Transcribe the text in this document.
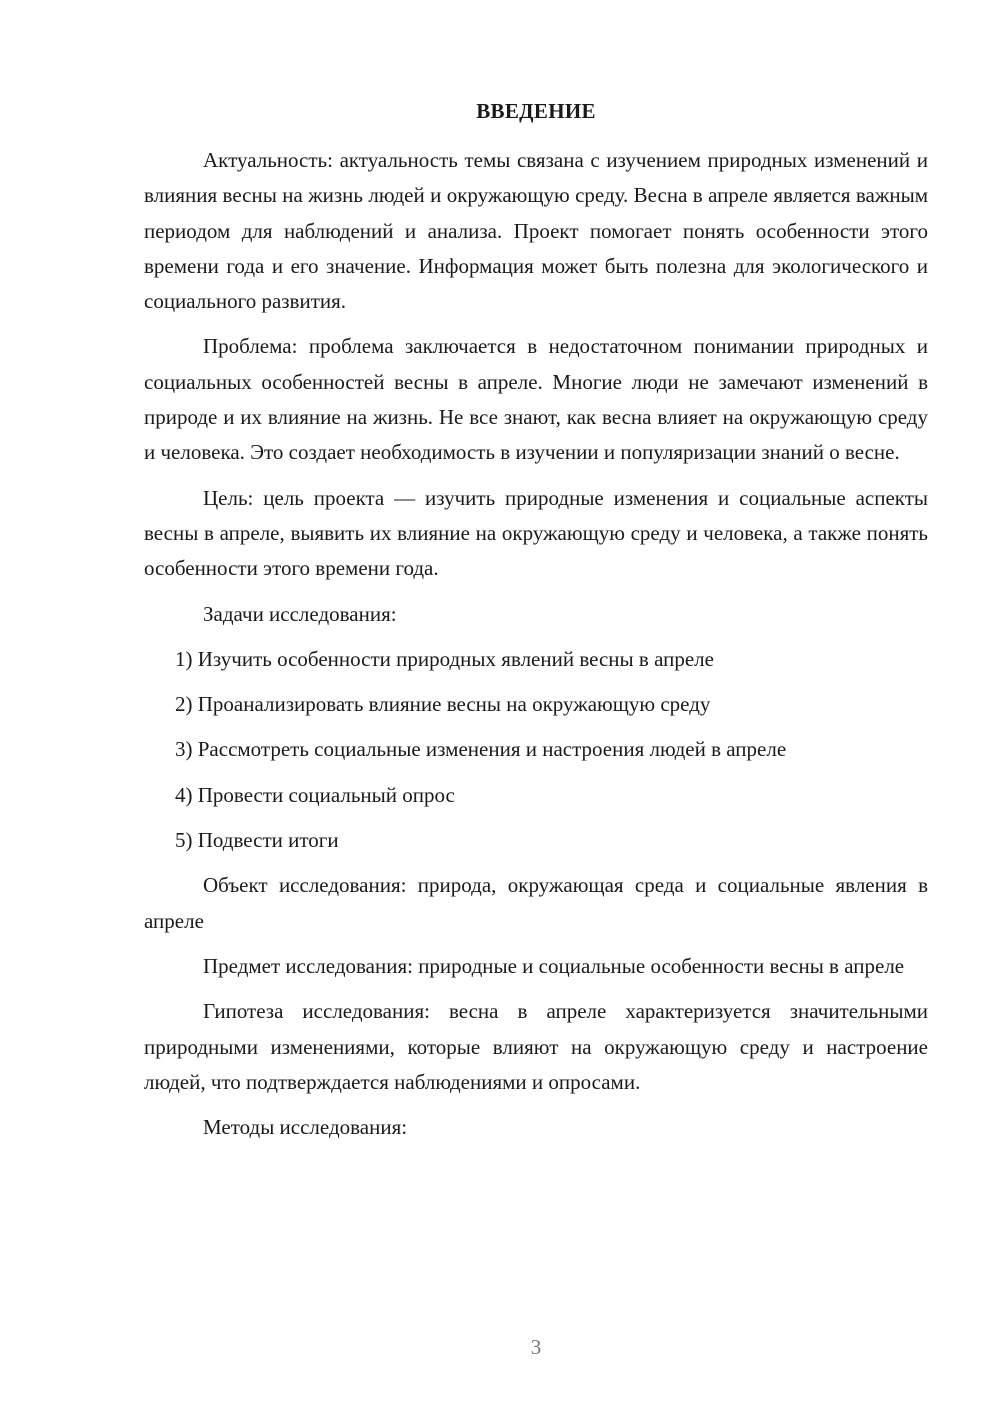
ВВЕДЕНИЕ

Актуальность: актуальность темы связана с изучением природных изменений и влияния весны на жизнь людей и окружающую среду. Весна в апреле является важным периодом для наблюдений и анализа. Проект помогает понять особенности этого времени года и его значение. Информация может быть полезна для экологического и социального развития.

Проблема: проблема заключается в недостаточном понимании природных и социальных особенностей весны в апреле. Многие люди не замечают изменений в природе и их влияние на жизнь. Не все знают, как весна влияет на окружающую среду и человека. Это создает необходимость в изучении и популяризации знаний о весне.

Цель: цель проекта — изучить природные изменения и социальные аспекты весны в апреле, выявить их влияние на окружающую среду и человека, а также понять особенности этого времени года.

Задачи исследования:

1) Изучить особенности природных явлений весны в апреле
2) Проанализировать влияние весны на окружающую среду
3) Рассмотреть социальные изменения и настроения людей в апреле
4) Провести социальный опрос
5) Подвести итоги

Объект исследования: природа, окружающая среда и социальные явления в апреле

Предмет исследования: природные и социальные особенности весны в апреле

Гипотеза исследования: весна в апреле характеризуется значительными природными изменениями, которые влияют на окружающую среду и настроение людей, что подтверждается наблюдениями и опросами.

Методы исследования:

3
